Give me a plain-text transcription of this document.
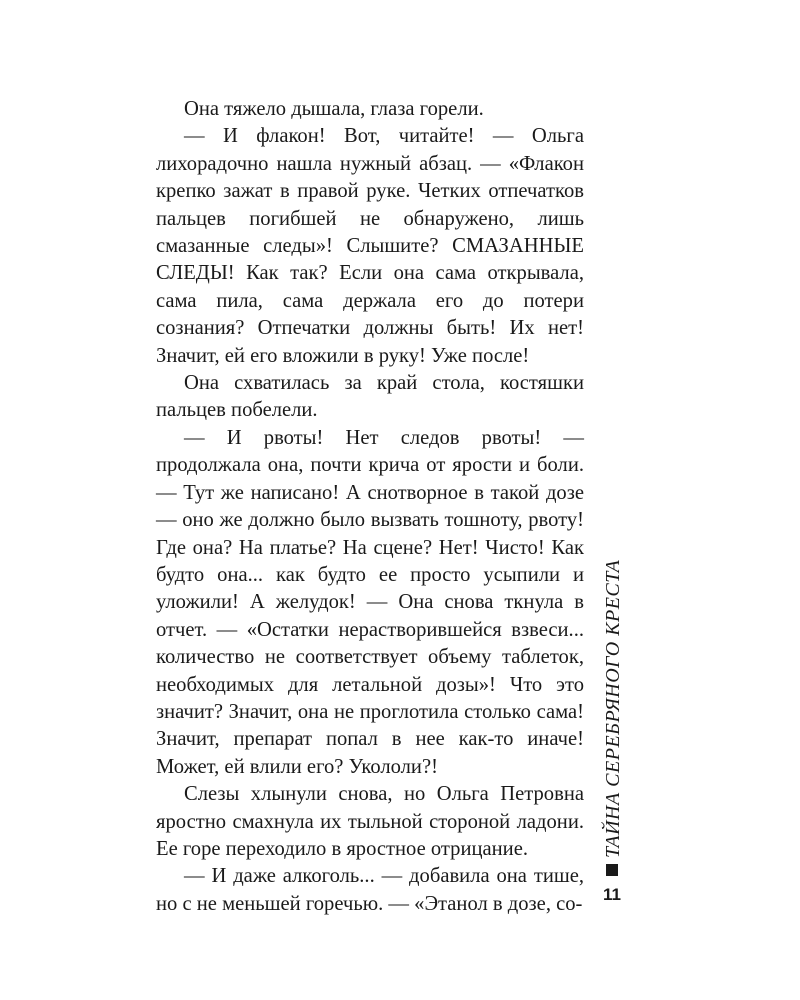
Она тяжело дышала, глаза горели.

— И флакон! Вот, читайте! — Ольга лихорадочно нашла нужный абзац. — «Флакон крепко зажат в правой руке. Четких отпечатков пальцев погибшей не обнаружено, лишь смазанные следы»! Слышите? СМАЗАННЫЕ СЛЕДЫ! Как так? Если она сама открывала, сама пила, сама держала его до потери сознания? Отпечатки должны быть! Их нет! Значит, ей его вложили в руку! Уже после!

Она схватилась за край стола, костяшки пальцев побелели.

— И рвоты! Нет следов рвоты! — продолжала она, почти крича от ярости и боли. — Тут же написано! А снотворное в такой дозе — оно же должно было вызвать тошноту, рвоту! Где она? На платье? На сцене? Нет! Чисто! Как будто она... как будто ее просто усыпили и уложили! А желудок! — Она снова ткнула в отчет. — «Остатки нерастворившейся взвеси... количество не соответствует объему таблеток, необходимых для летальной дозы»! Что это значит? Значит, она не проглотила столько сама! Значит, препарат попал в нее как-то иначе! Может, ей влили его? Укололи?!

Слезы хлынули снова, но Ольга Петровна яростно смахнула их тыльной стороной ладони. Ее горе переходило в яростное отрицание.

— И даже алкоголь... — добавила она тише, но с не меньшей горечью. — «Этанол в дозе, со-

ТАЙНА СЕРЕБРЯНОГО КРЕСТА
11
